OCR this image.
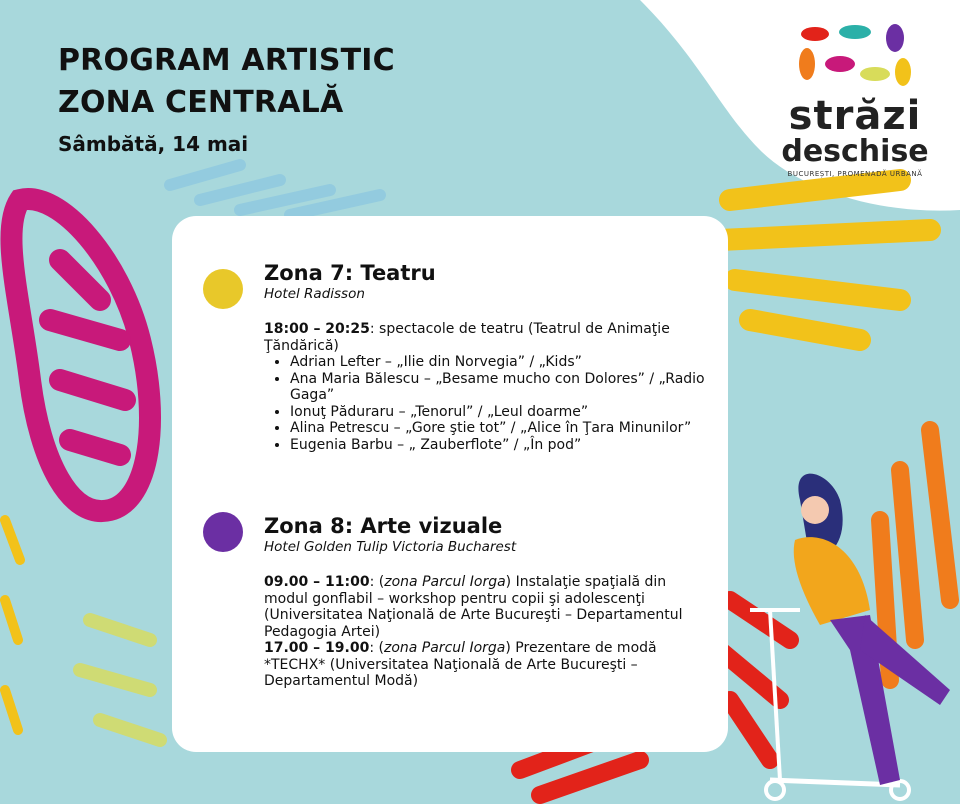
PROGRAM ARTISTIC
ZONA CENTRALĂ
Sâmbătă, 14 mai
străzi
deschise
BUCUREȘTI, PROMENADĂ URBANĂ
Zona 7: Teatru
Hotel Radisson
18:00 – 20:25: spectacole de teatru (Teatrul de Animaţie Ţăndărică)
• Adrian Lefter – „Ilie din Norvegia” / „Kids”
• Ana Maria Bălescu – „Besame mucho con Dolores” / „Radio Gaga”
• Ionuţ Păduraru – „Tenorul” / „Leul doarme”
• Alina Petrescu – „Gore ştie tot” / „Alice în Ţara Minunilor”
• Eugenia Barbu – „ Zauberflote” / „În pod”
Zona 8: Arte vizuale
Hotel Golden Tulip Victoria Bucharest
09.00 – 11:00: (zona Parcul Iorga) Instalaţie spaţială din modul gonflabil – workshop pentru copii şi adolescenţi (Universitatea Naţională de Arte Bucureşti – Departamentul Pedagogia Artei)
17.00 – 19.00: (zona Parcul Iorga) Prezentare de modă *TECHX* (Universitatea Naţională de Arte Bucureşti – Departamentul Modă)
